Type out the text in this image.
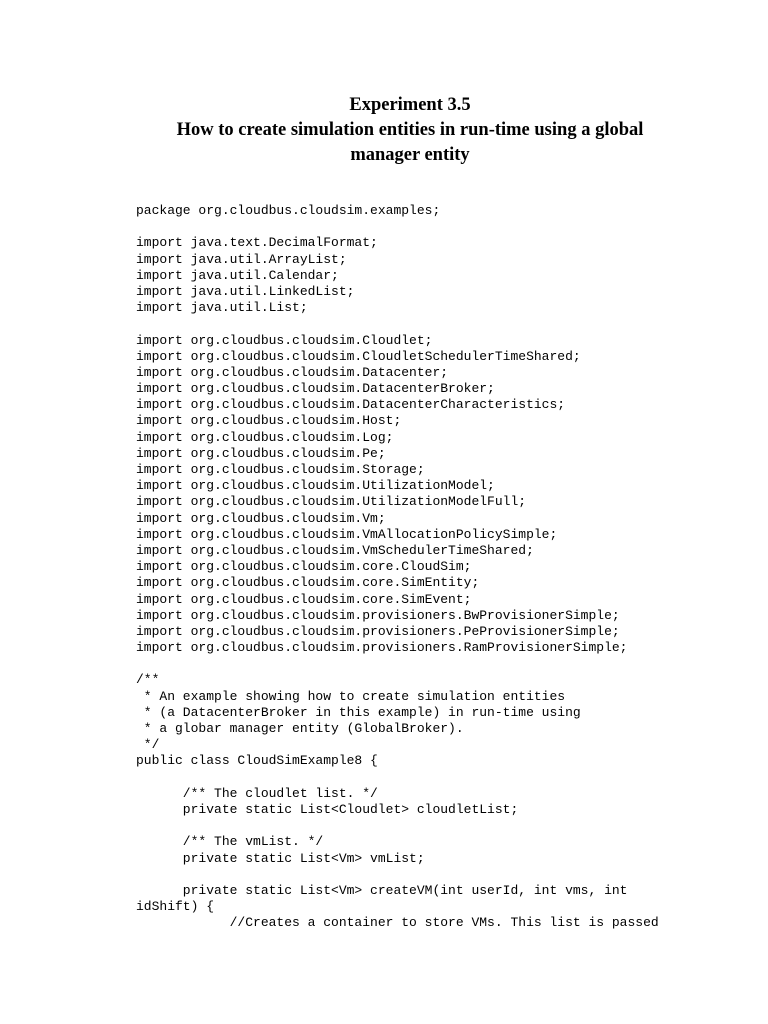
Experiment 3.5
How to create simulation entities in run-time using a global
manager entity
package org.cloudbus.cloudsim.examples;
import java.text.DecimalFormat;
import java.util.ArrayList;
import java.util.Calendar;
import java.util.LinkedList;
import java.util.List;
import org.cloudbus.cloudsim.Cloudlet;
import org.cloudbus.cloudsim.CloudletSchedulerTimeShared;
import org.cloudbus.cloudsim.Datacenter;
import org.cloudbus.cloudsim.DatacenterBroker;
import org.cloudbus.cloudsim.DatacenterCharacteristics;
import org.cloudbus.cloudsim.Host;
import org.cloudbus.cloudsim.Log;
import org.cloudbus.cloudsim.Pe;
import org.cloudbus.cloudsim.Storage;
import org.cloudbus.cloudsim.UtilizationModel;
import org.cloudbus.cloudsim.UtilizationModelFull;
import org.cloudbus.cloudsim.Vm;
import org.cloudbus.cloudsim.VmAllocationPolicySimple;
import org.cloudbus.cloudsim.VmSchedulerTimeShared;
import org.cloudbus.cloudsim.core.CloudSim;
import org.cloudbus.cloudsim.core.SimEntity;
import org.cloudbus.cloudsim.core.SimEvent;
import org.cloudbus.cloudsim.provisioners.BwProvisionerSimple;
import org.cloudbus.cloudsim.provisioners.PeProvisionerSimple;
import org.cloudbus.cloudsim.provisioners.RamProvisionerSimple;
/**
* An example showing how to create simulation entities
* (a DatacenterBroker in this example) in run-time using
* a globar manager entity (GlobalBroker).
*/
public class CloudSimExample8 {
/** The cloudlet list. */
private static List<Cloudlet> cloudletList;
/** The vmList. */
private static List<Vm> vmList;
private static List<Vm> createVM(int userId, int vms, int
idShift) {
//Creates a container to store VMs. This list is passed
